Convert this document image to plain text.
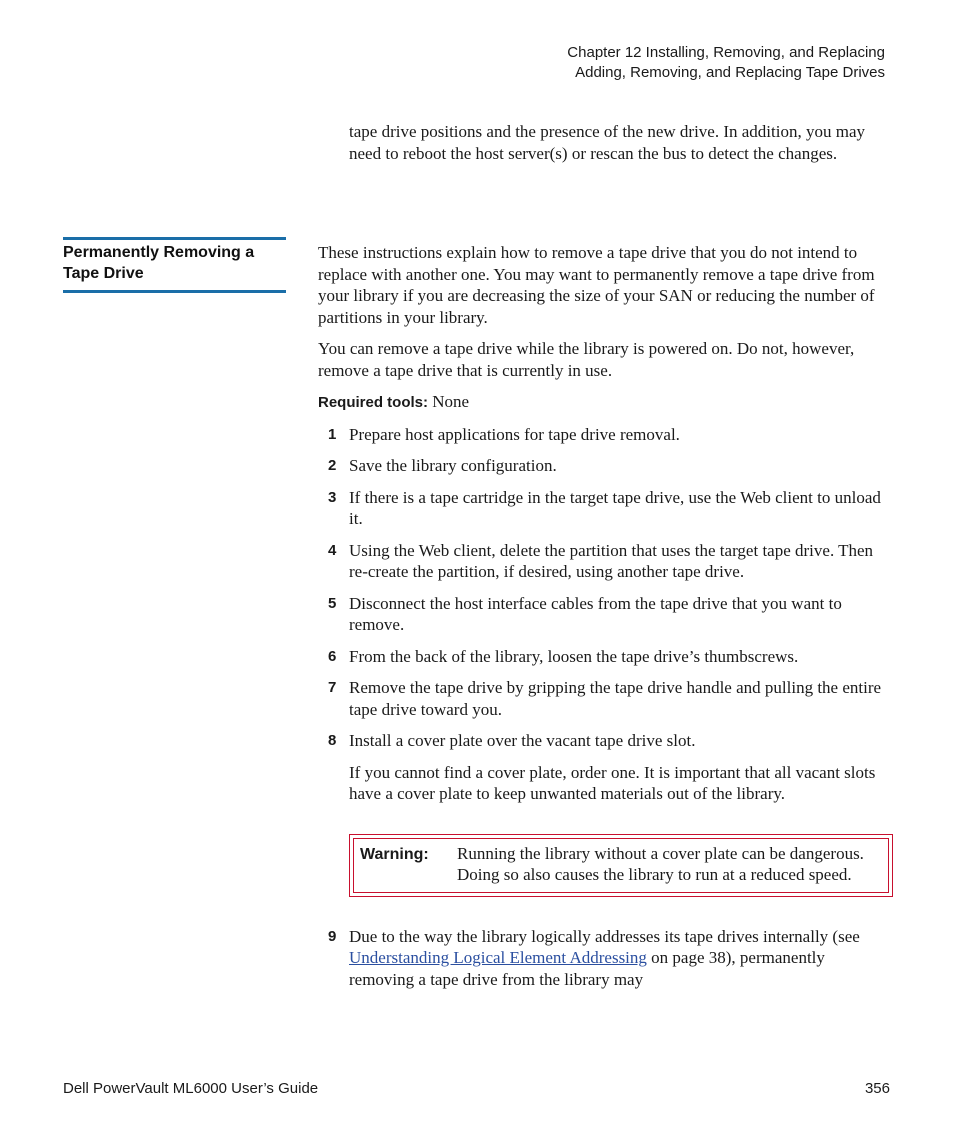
Chapter 12 Installing, Removing, and Replacing
Adding, Removing, and Replacing Tape Drives
tape drive positions and the presence of the new drive. In addition, you may need to reboot the host server(s) or rescan the bus to detect the changes.
Permanently Removing a Tape Drive

These instructions explain how to remove a tape drive that you do not intend to replace with another one. You may want to permanently remove a tape drive from your library if you are decreasing the size of your SAN or reducing the number of partitions in your library.

You can remove a tape drive while the library is powered on. Do not, however, remove a tape drive that is currently in use.

Required tools: None

1 Prepare host applications for tape drive removal.
2 Save the library configuration.
3 If there is a tape cartridge in the target tape drive, use the Web client to unload it.
4 Using the Web client, delete the partition that uses the target tape drive. Then re-create the partition, if desired, using another tape drive.
5 Disconnect the host interface cables from the tape drive that you want to remove.
6 From the back of the library, loosen the tape drive’s thumbscrews.
7 Remove the tape drive by gripping the tape drive handle and pulling the entire tape drive toward you.
8 Install a cover plate over the vacant tape drive slot.
If you cannot find a cover plate, order one. It is important that all vacant slots have a cover plate to keep unwanted materials out of the library.
Warning:	Running the library without a cover plate can be dangerous. Doing so also causes the library to run at a reduced speed.
9 Due to the way the library logically addresses its tape drives internally (see Understanding Logical Element Addressing on page 38), permanently removing a tape drive from the library may
Dell PowerVault ML6000 User’s Guide	356
